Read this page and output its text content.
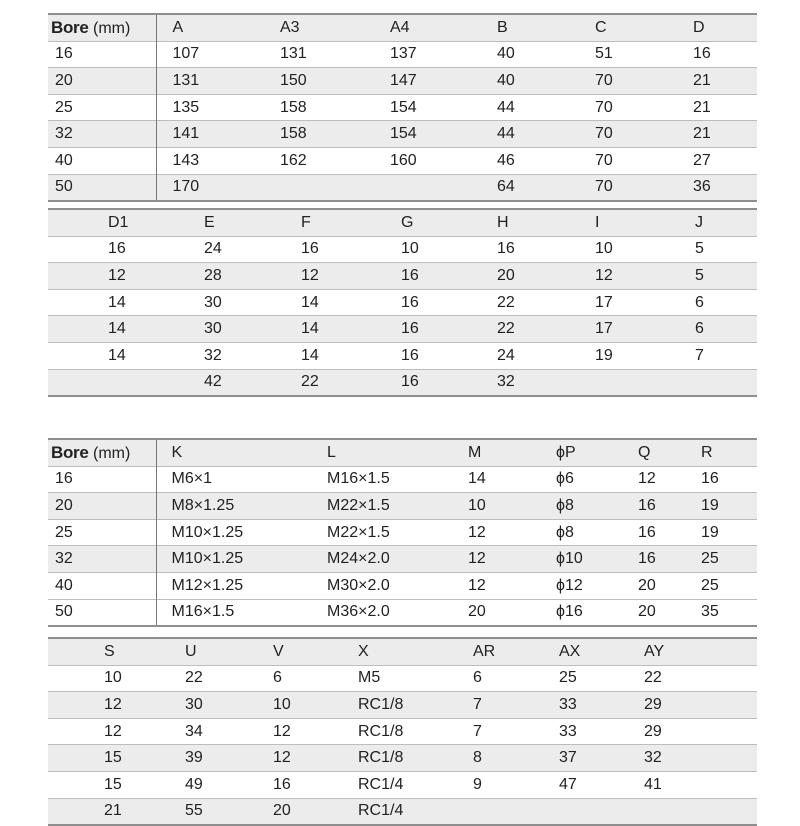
Bore (mm)	A	A3	A4	B	C	D
16	107	131	137	40	51	16
20	131	150	147	40	70	21
25	135	158	154	44	70	21
32	141	158	154	44	70	21
40	143	162	160	46	70	27
50	170			64	70	36
D1	E	F	G	H	I	J
16	24	16	10	16	10	5
12	28	12	16	20	12	5
14	30	14	16	22	17	6
14	30	14	16	22	17	6
14	32	14	16	24	19	7
	42	22	16	32		
Bore (mm)	K	L	M	ϕP	Q	R
16	M6×1	M16×1.5	14	ϕ6	12	16
20	M8×1.25	M22×1.5	10	ϕ8	16	19
25	M10×1.25	M22×1.5	12	ϕ8	16	19
32	M10×1.25	M24×2.0	12	ϕ10	16	25
40	M12×1.25	M30×2.0	12	ϕ12	20	25
50	M16×1.5	M36×2.0	20	ϕ16	20	35
S	U	V	X	AR	AX	AY
10	22	6	M5	6	25	22
12	30	10	RC1/8	7	33	29
12	34	12	RC1/8	7	33	29
15	39	12	RC1/8	8	37	32
15	49	16	RC1/4	9	47	41
21	55	20	RC1/4			
